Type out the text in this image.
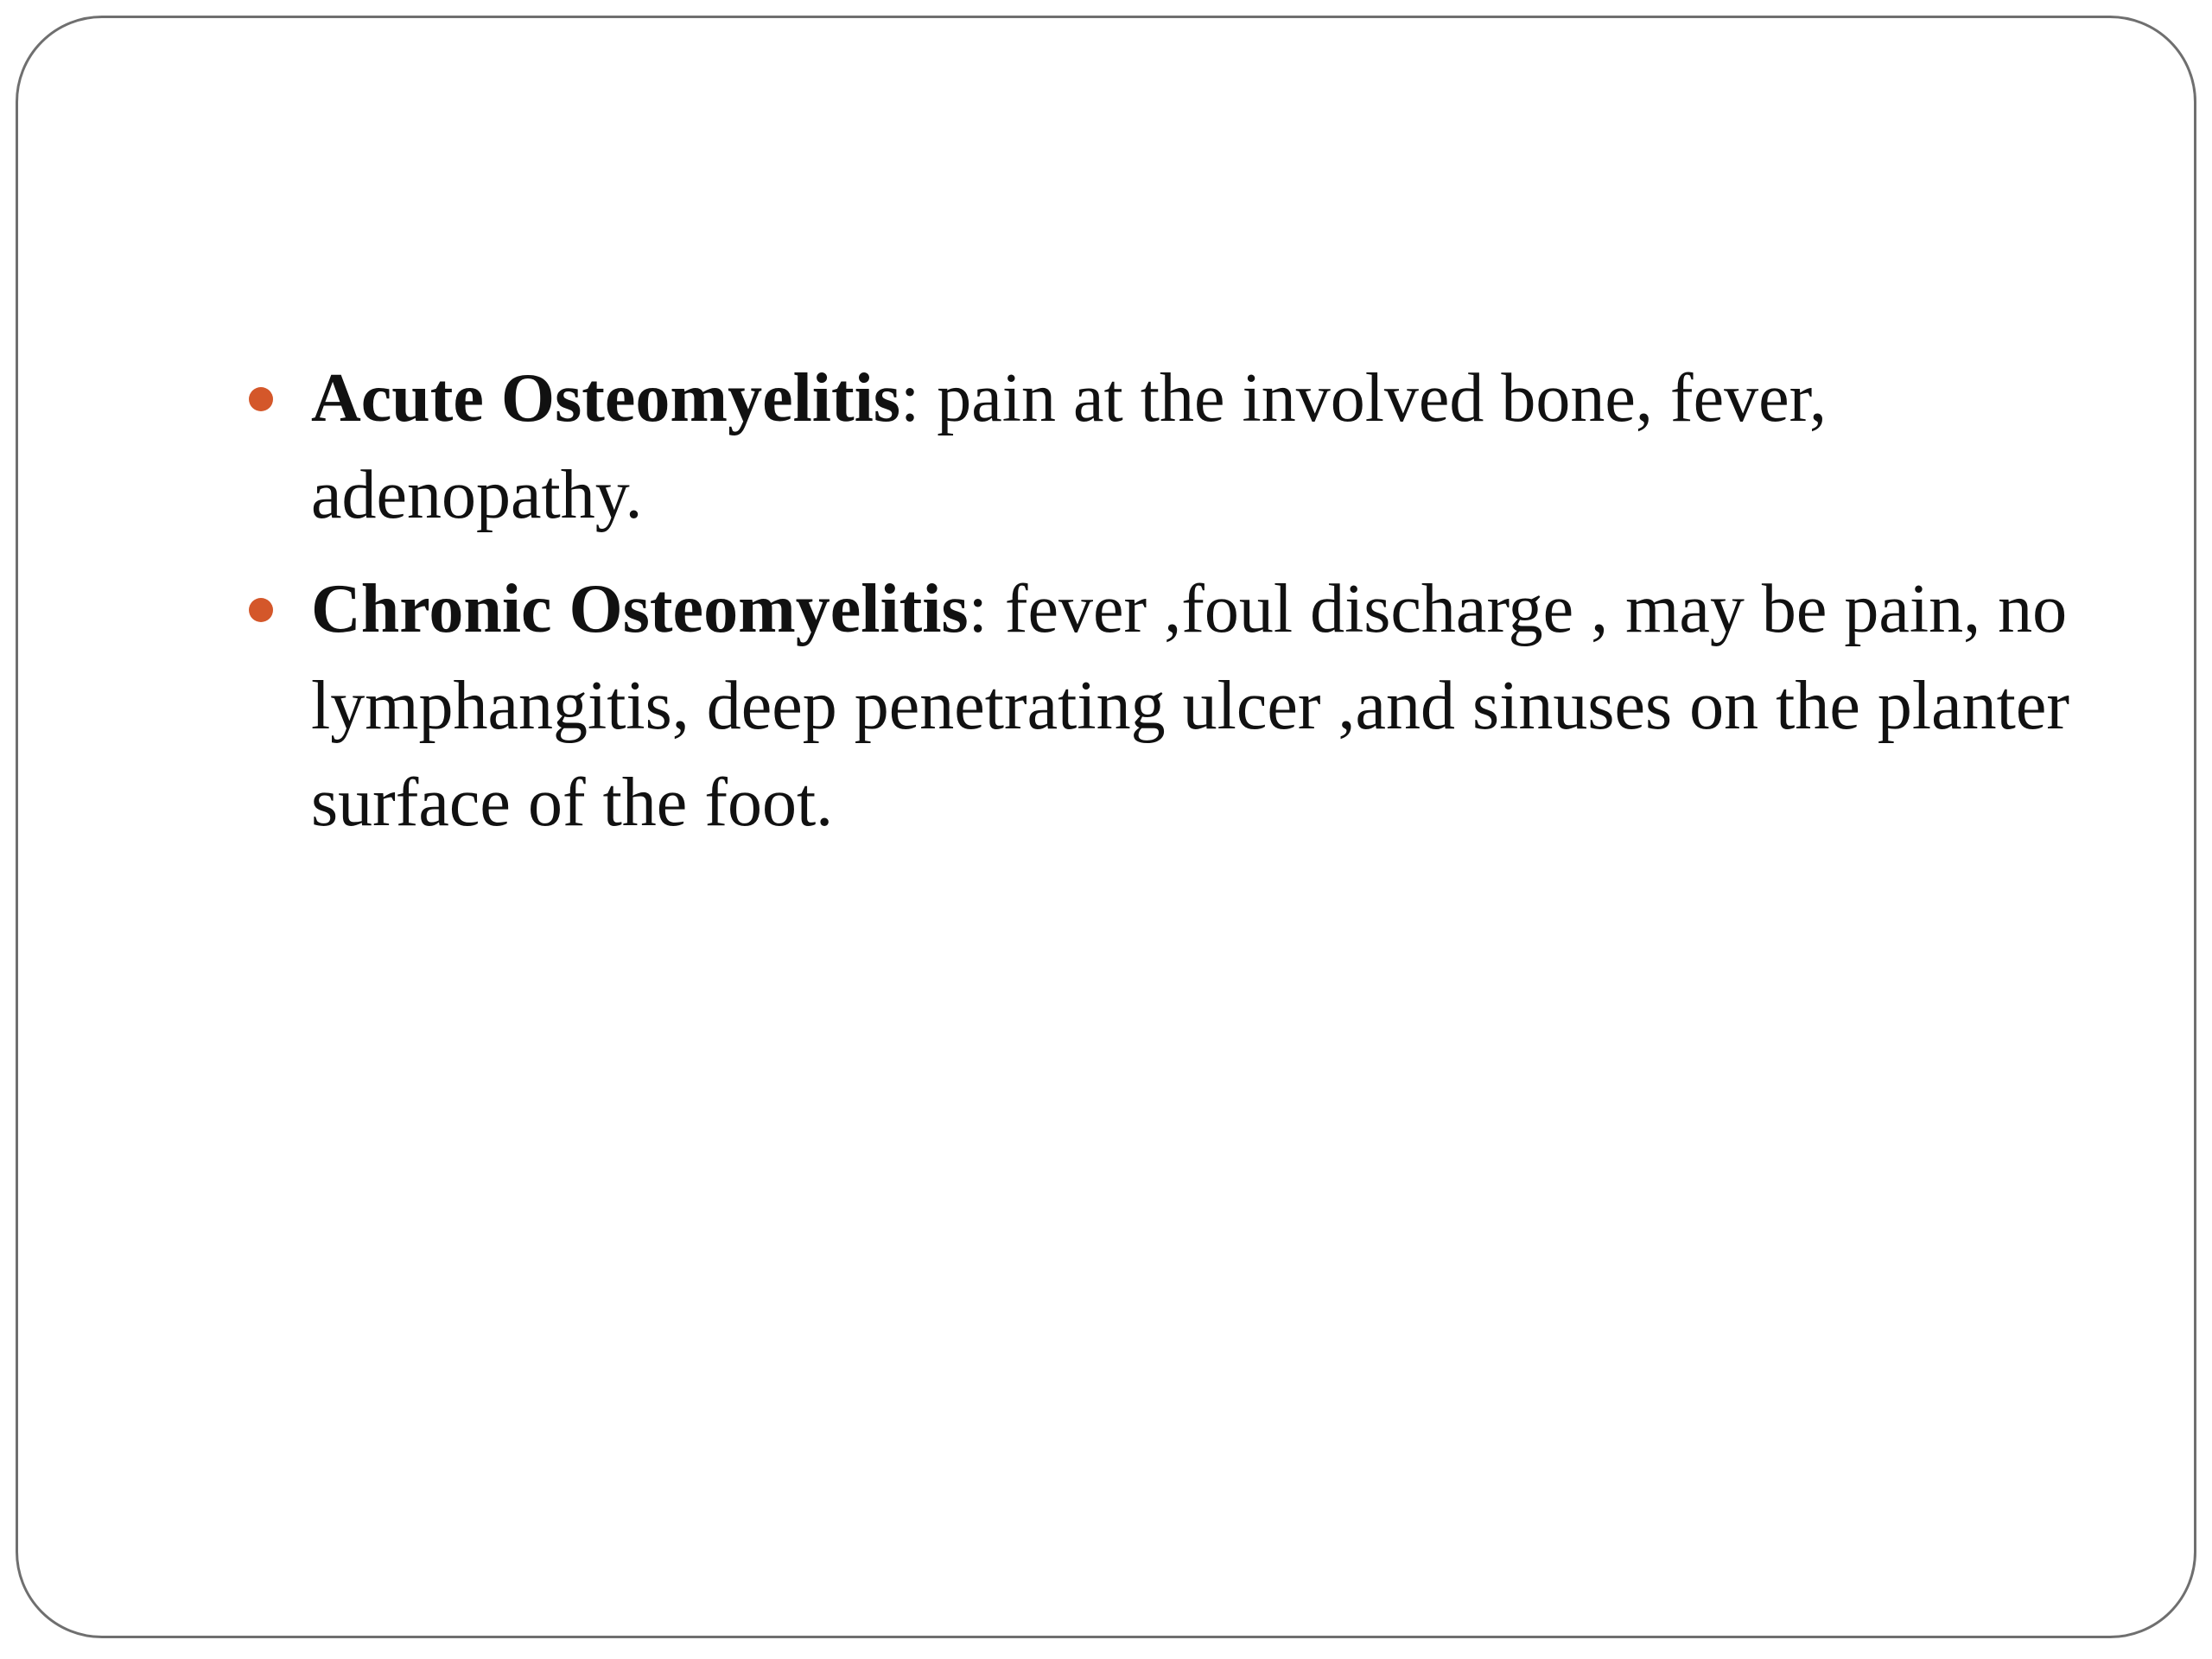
Acute Osteomyelitis: pain at the involved bone, fever, adenopathy.
Chronic Osteomyelitis: fever ,foul discharge , may be pain, no lymphangitis, deep penetrating ulcer ,and sinuses on the planter surface of the foot.
